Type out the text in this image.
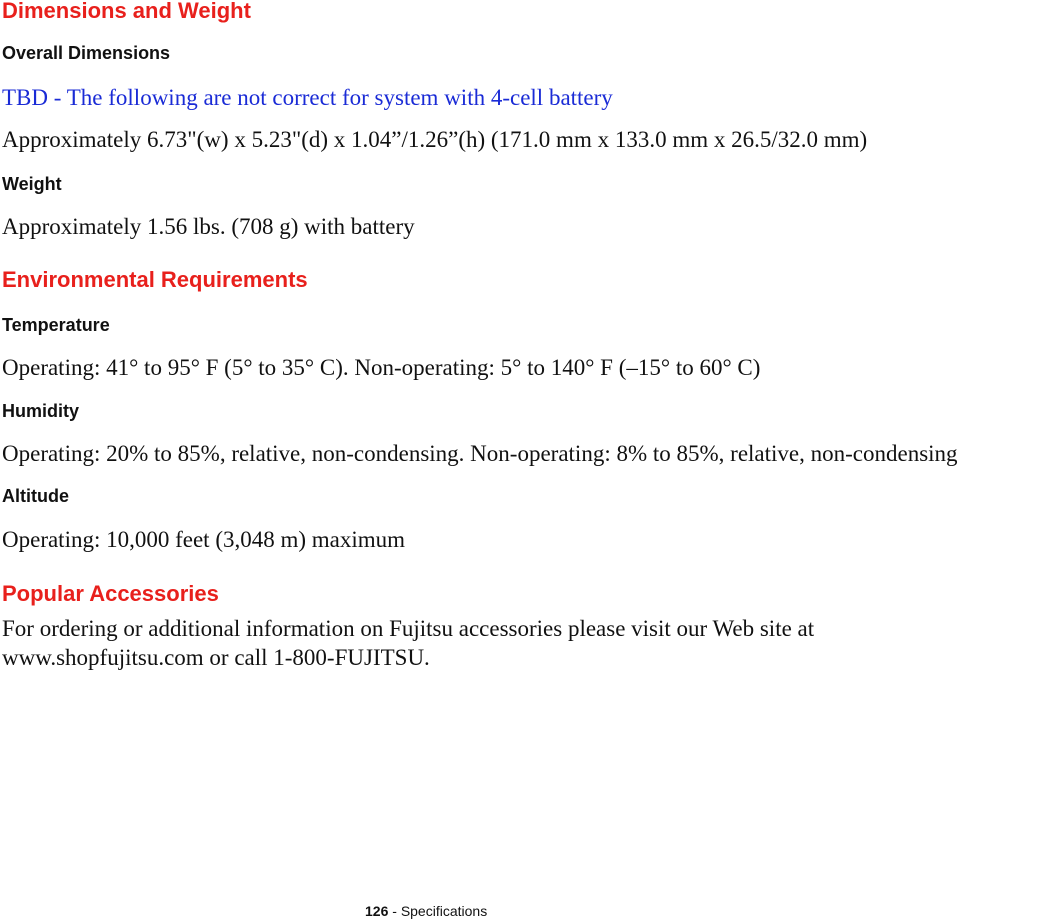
Dimensions and Weight
Overall Dimensions

TBD - The following are not correct for system with 4-cell battery

Approximately 6.73"(w) x 5.23"(d) x 1.04”/1.26”(h) (171.0 mm x 133.0 mm x 26.5/32.0 mm)

Weight

Approximately 1.56 lbs. (708 g) with battery

Environmental Requirements
Temperature

Operating: 41° to 95° F (5° to 35° C). Non-operating: 5° to 140° F (–15° to 60° C)

Humidity

Operating: 20% to 85%, relative, non-condensing. Non-operating: 8% to 85%, relative, non-condensing

Altitude

Operating: 10,000 feet (3,048 m) maximum

Popular Accessories

For ordering or additional information on Fujitsu accessories please visit our Web site at

www.shopfujitsu.com or call 1-800-FUJITSU.

126 - Specifications
